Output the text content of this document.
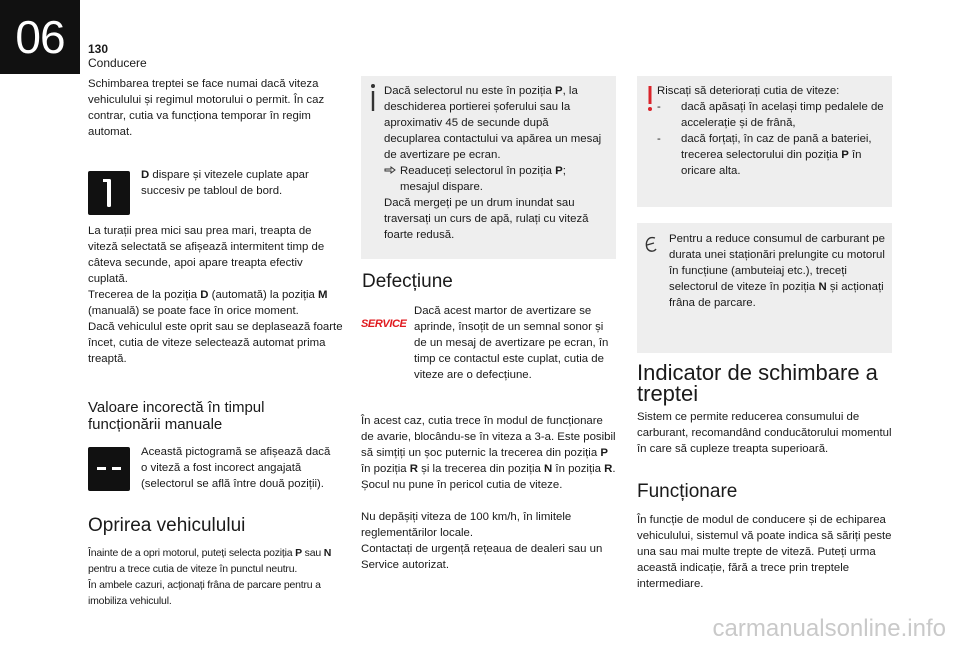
06	130
Conducere

Schimbarea treptei se face numai dacă viteza vehiculului și regimul motorului o permit. În caz contrar, cutia va funcționa temporar în regim automat.

D dispare și vitezele cuplate apar succesiv pe tabloul de bord.

La turații prea mici sau prea mari, treapta de viteză selectată se afișează intermitent timp de câteva secunde, apoi apare treapta efectiv cuplată.

Trecerea de la poziția D (automată) la poziția M (manuală) se poate face în orice moment.

Dacă vehiculul este oprit sau se deplasează foarte încet, cutia de viteze selectează automat prima treaptă.

Valoare incorectă în timpul funcționării manuale

Această pictogramă se afișează dacă o viteză a fost incorect angajată (selectorul se află între două poziții).

Oprirea vehiculului

Înainte de a opri motorul, puteți selecta poziția P sau N pentru a trece cutia de viteze în punctul neutru.

În ambele cazuri, acționați frâna de parcare pentru a imobiliza vehiculul.

Dacă selectorul nu este în poziția P, la deschiderea portierei șoferului sau la aproximativ 45 de secunde după decuplarea contactului va apărea un mesaj de avertizare pe ecran.

Readuceți selectorul în poziția P; mesajul dispare.

Dacă mergeți pe un drum inundat sau traversați un curs de apă, rulați cu viteză foarte redusă.

Defecțiune
SERVICE

Dacă acest martor de avertizare se aprinde, însoțit de un semnal sonor și de un mesaj de avertizare pe ecran, în timp ce contactul este cuplat, cutia de viteze are o defecțiune.

În acest caz, cutia trece în modul de funcționare de avarie, blocându-se în viteza a 3-a. Este posibil să simțiți un șoc puternic la trecerea din poziția P în poziția R și la trecerea din poziția N în poziția R. Șocul nu pune în pericol cutia de viteze.

Nu depășiți viteza de 100 km/h, în limitele reglementărilor locale.

Contactați de urgență rețeaua de dealeri sau un Service autorizat.

Riscați să deteriorați cutia de viteze:

- dacă apăsați în același timp pedalele de accelerație și de frână,
- dacă forțați, în caz de pană a bateriei, trecerea selectorului din poziția P în oricare alta.

Pentru a reduce consumul de carburant pe durata unei staționări prelungite cu motorul în funcțiune (ambuteiaj etc.), treceți selectorul de viteze în poziția N și acționați frâna de parcare.

Indicator de schimbare a treptei

Sistem ce permite reducerea consumului de carburant, recomandând conducătorului momentul în care să cupleze treapta superioară.

Funcționare

În funcție de modul de conducere și de echiparea vehiculului, sistemul vă poate indica să săriți peste una sau mai multe trepte de viteză. Puteți urma această indicație, fără a trece prin treptele intermediare.

carmanualsonline.info
